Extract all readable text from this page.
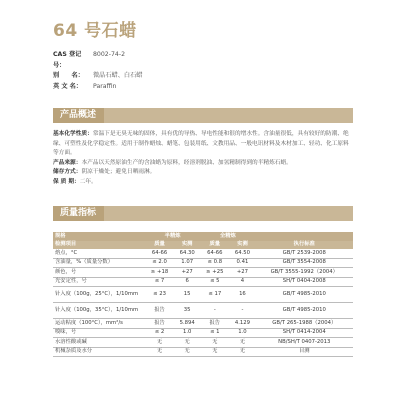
64 号石蜡
CAS 登记号：
8002-74-2
别　　名：	微晶石蜡、白石蜡
英 文 名：	Paraffin
产品概述

基本化学性质：常温下是无臭无味的固体，具有优的导热、导电性能和很的增水性。含油量很低，具有较好的防潮、绝缘、可塑性及化学稳定性。适用于制作蜡烛、蜡笔、包装用纸、文教用品、一般电讯材料及木材加工、轻功、化工原料等方面。

产品来源：本产品以天然原油生产的含油蜡为原料，经溶剂脱油、加氢精制得到的半精炼石蜡。

储存方式：阴凉干燥处；避免日晒雨淋。

保 质 期：二年。

质量指标
规格	半精炼		全精炼		
检测项目	质量	实测	质量	实测	执行标准
熔点，°C	64-66	64.30	64-66	64.50	GB/T 2539-2008
含油量，%（质量分数）	≤ 2.0	1.07	≤ 0.8	0.41	GB/T 3554-2008
颜色，号	≥ +18	+27	≥ +25	+27	GB/T 3555-1992（2004）
光安定性，号	≤ 7	6	≤ 5	4	SH/T 0404-2008
针入度（100g，25°C），1/10mm	≤ 23	15	≤ 17	16	GB/T 4985-2010
针入度（100g，35°C），1/10mm	报告	35	-	-	GB/T 4985-2010
运动粘度（100°C），mm²/s	报告	5.894	报告	4.129	GB/T 265-1988（2004）
嗅味，号	≤ 2	1.0	≤ 1	1.0	SH/T 0414-2004
水溶性酸或碱	无	无	无	无	NB/SH/T 0407-2013
机械杂质及水分	无	无	无	无	目测
